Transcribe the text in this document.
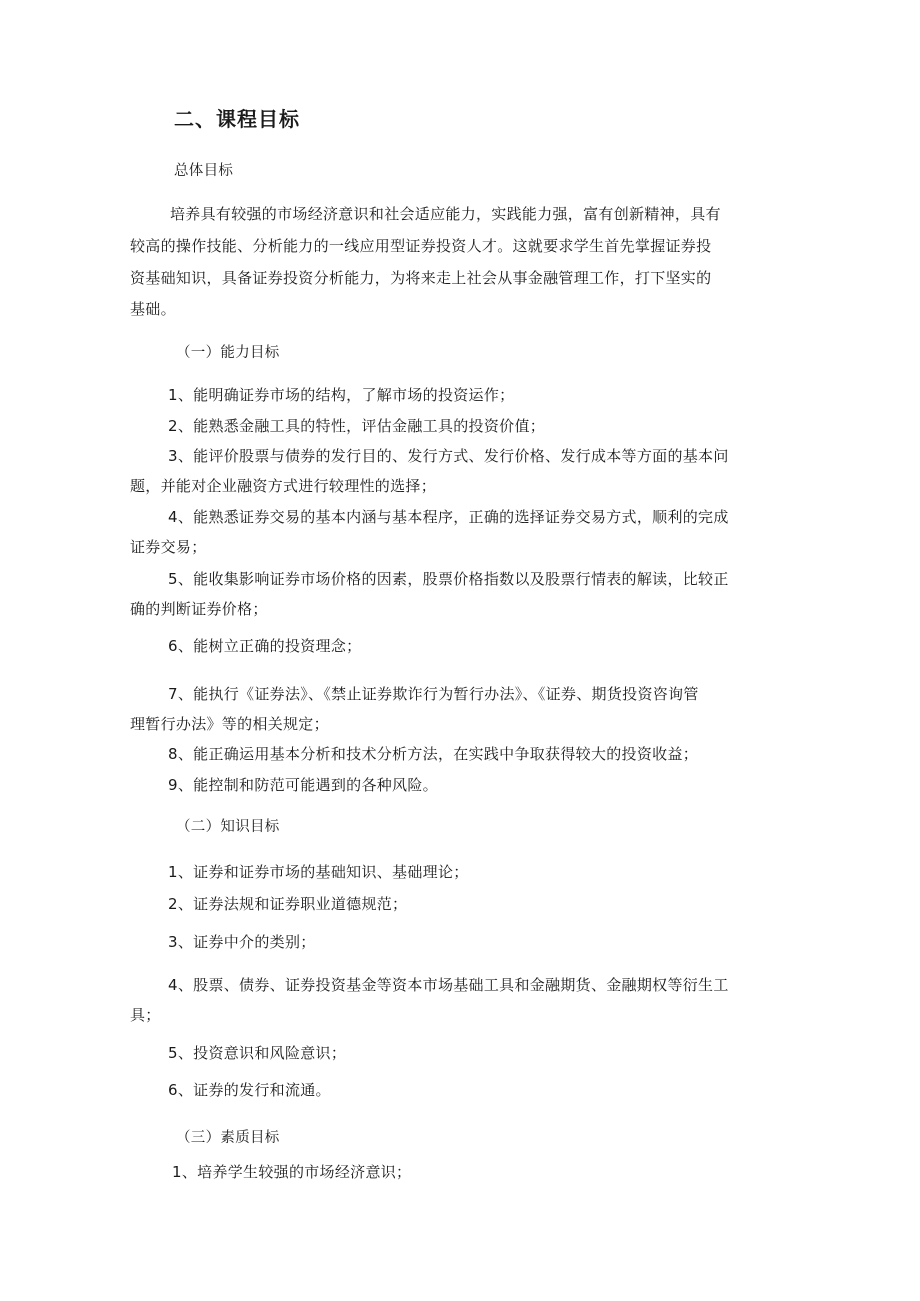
二、课程目标
总体目标
培养具有较强的市场经济意识和社会适应能力，实践能力强，富有创新精神，具有
较高的操作技能、分析能力的一线应用型证券投资人才。这就要求学生首先掌握证券投
资基础知识，具备证券投资分析能力，为将来走上社会从事金融管理工作，打下坚实的
基础。
（一）能力目标
1、能明确证券市场的结构，了解市场的投资运作；
2、能熟悉金融工具的特性，评估金融工具的投资价值；
3、能评价股票与债券的发行目的、发行方式、发行价格、发行成本等方面的基本问
题，并能对企业融资方式进行较理性的选择；
4、能熟悉证券交易的基本内涵与基本程序，正确的选择证券交易方式，顺利的完成
证券交易；
5、能收集影响证券市场价格的因素，股票价格指数以及股票行情表的解读，比较正
确的判断证券价格；
6、能树立正确的投资理念；
7、能执行《证券法》、《禁止证券欺诈行为暂行办法》、《证券、期货投资咨询管
理暂行办法》等的相关规定；
8、能正确运用基本分析和技术分析方法，在实践中争取获得较大的投资收益；
9、能控制和防范可能遇到的各种风险。
（二）知识目标
1、证券和证券市场的基础知识、基础理论；
2、证券法规和证券职业道德规范；
3、证券中介的类别；
4、股票、债券、证券投资基金等资本市场基础工具和金融期货、金融期权等衍生工
具；
5、投资意识和风险意识；
6、证券的发行和流通。
（三）素质目标
1、培养学生较强的市场经济意识；
